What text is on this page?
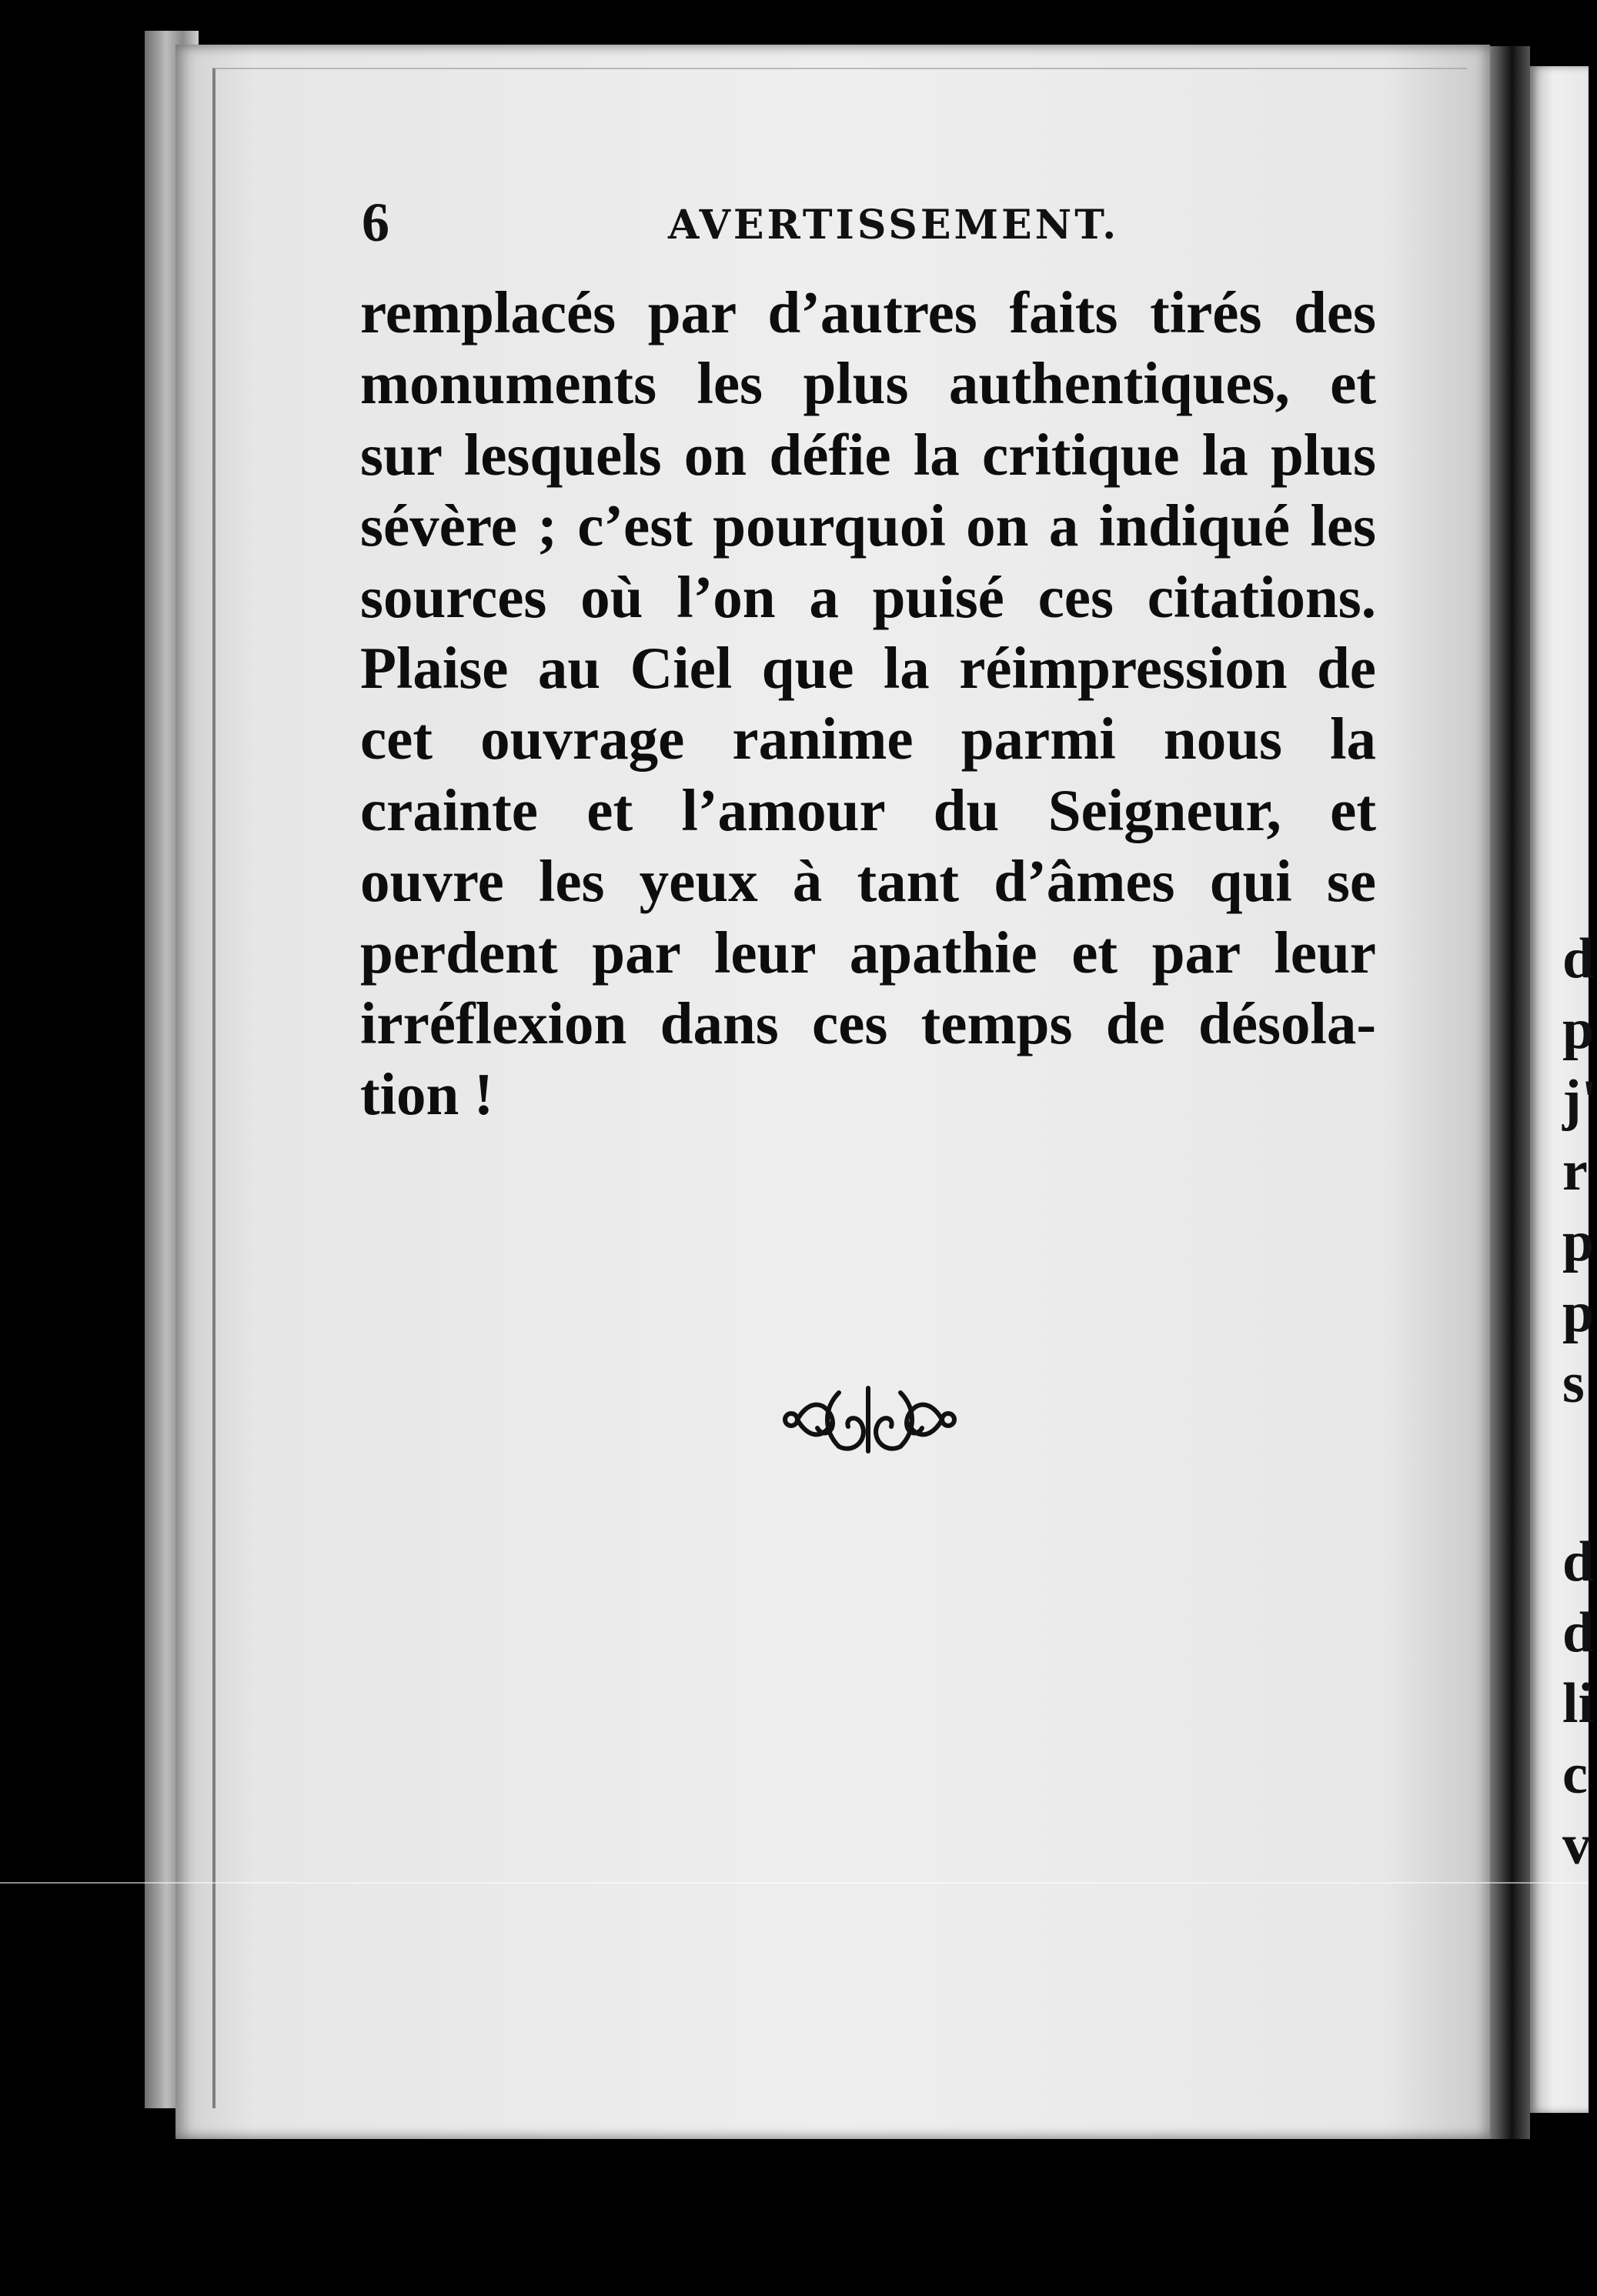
6	AVERTISSEMENT.
remplacés par d’autres faits tirés des
monuments les plus authentiques, et
sur lesquels on défie la critique la plus
sévère ; c’est pourquoi on a indiqué les
sources où l’on a puisé ces citations.
Plaise au Ciel que la réimpression de
cet ouvrage ranime parmi nous la
crainte et l’amour du Seigneur, et
ouvre les yeux à tant d’âmes qui se
perdent par leur apathie et par leur
irréflexion dans ces temps de désola-
tion !
d
p
j'
r
p
p
s
d
d
li
c
v
